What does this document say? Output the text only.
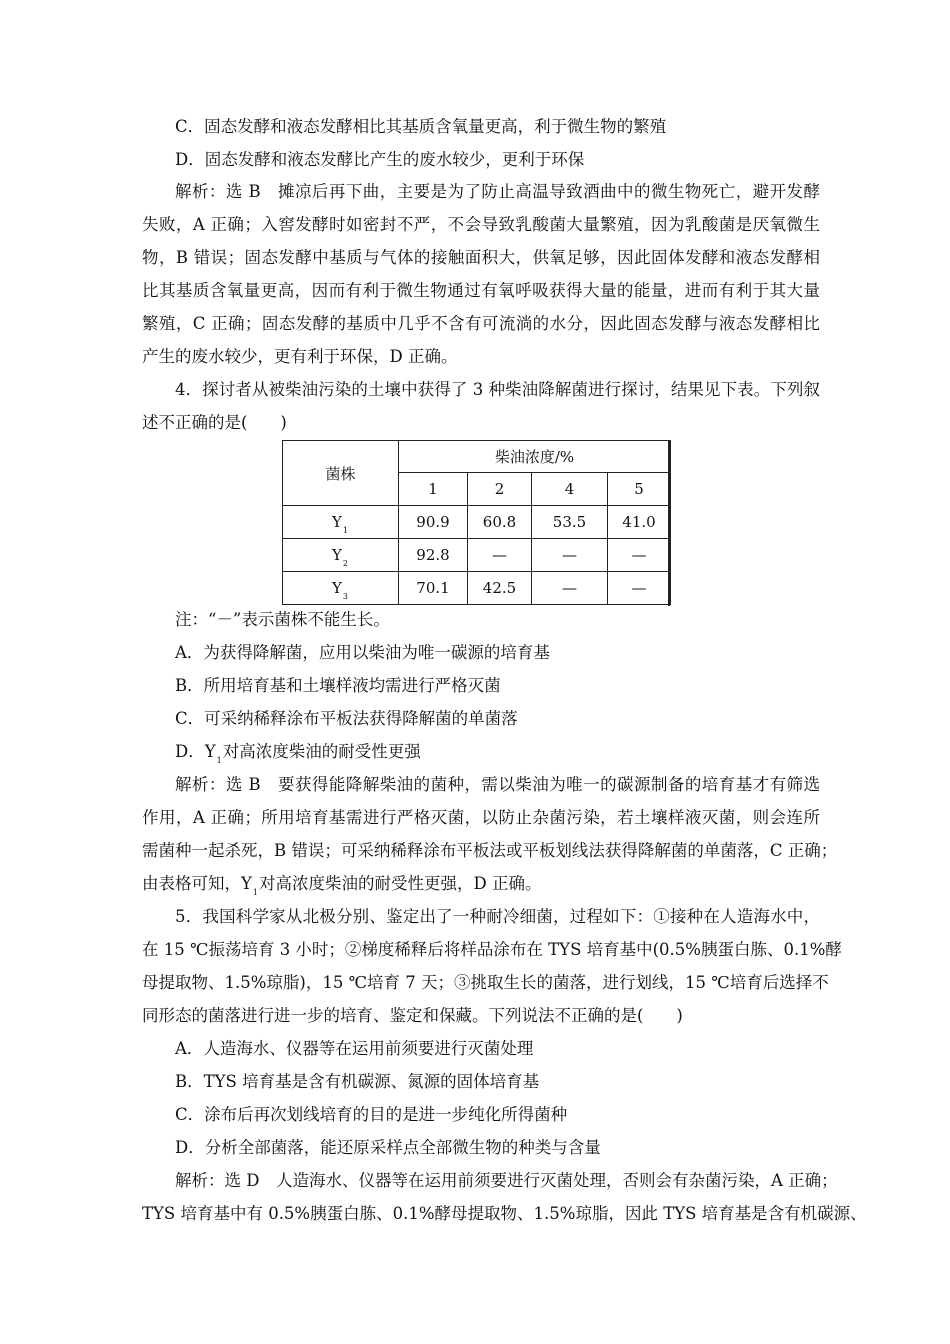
C．固态发酵和液态发酵相比其基质含氧量更高，利于微生物的繁殖
D．固态发酵和液态发酵比产生的废水较少，更利于环保
解析：选 B　摊凉后再下曲，主要是为了防止高温导致酒曲中的微生物死亡，避开发酵
失败，A 正确；入窖发酵时如密封不严，不会导致乳酸菌大量繁殖，因为乳酸菌是厌氧微生
物，B 错误；固态发酵中基质与气体的接触面积大，供氧足够，因此固体发酵和液态发酵相
比其基质含氧量更高，因而有利于微生物通过有氧呼吸获得大量的能量，进而有利于其大量
繁殖，C 正确；固态发酵的基质中几乎不含有可流淌的水分，因此固态发酵与液态发酵相比
产生的废水较少，更有利于环保，D 正确。
4．探讨者从被柴油污染的土壤中获得了 3 种柴油降解菌进行探讨，结果见下表。下列叙
述不正确的是(　　)
菌株	柴油浓度/%			
	1	2	4	5
$Y_1$	90.9	60.8	53.5	41.0
$Y_2$	92.8	—	—	—
$Y_3$	70.1	42.5	—	—
注：“－”表示菌株不能生长。
A．为获得降解菌，应用以柴油为唯一碳源的培育基
B．所用培育基和土壤样液均需进行严格灭菌
C．可采纳稀释涂布平板法获得降解菌的单菌落
D．$Y_1$对高浓度柴油的耐受性更强
解析：选 B　要获得能降解柴油的菌种，需以柴油为唯一的碳源制备的培育基才有筛选
作用，A 正确；所用培育基需进行严格灭菌，以防止杂菌污染，若土壤样液灭菌，则会连所
需菌种一起杀死，B 错误；可采纳稀释涂布平板法或平板划线法获得降解菌的单菌落，C 正确；
由表格可知，$Y_1$对高浓度柴油的耐受性更强，D 正确。
5．我国科学家从北极分别、鉴定出了一种耐冷细菌，过程如下：①接种在人造海水中，
在 15 ℃振荡培育 3 小时；②梯度稀释后将样品涂布在 TYS 培育基中(0.5%胰蛋白胨、0.1%酵
母提取物、1.5%琼脂)，15 ℃培育 7 天；③挑取生长的菌落，进行划线，15 ℃培育后选择不
同形态的菌落进行进一步的培育、鉴定和保藏。下列说法不正确的是(　　)
A．人造海水、仪器等在运用前须要进行灭菌处理
B．TYS 培育基是含有机碳源、氮源的固体培育基
C．涂布后再次划线培育的目的是进一步纯化所得菌种
D．分析全部菌落，能还原采样点全部微生物的种类与含量
解析：选 D　人造海水、仪器等在运用前须要进行灭菌处理，否则会有杂菌污染，A 正确；
TYS 培育基中有 0.5%胰蛋白胨、0.1%酵母提取物、1.5%琼脂，因此 TYS 培育基是含有机碳源、
